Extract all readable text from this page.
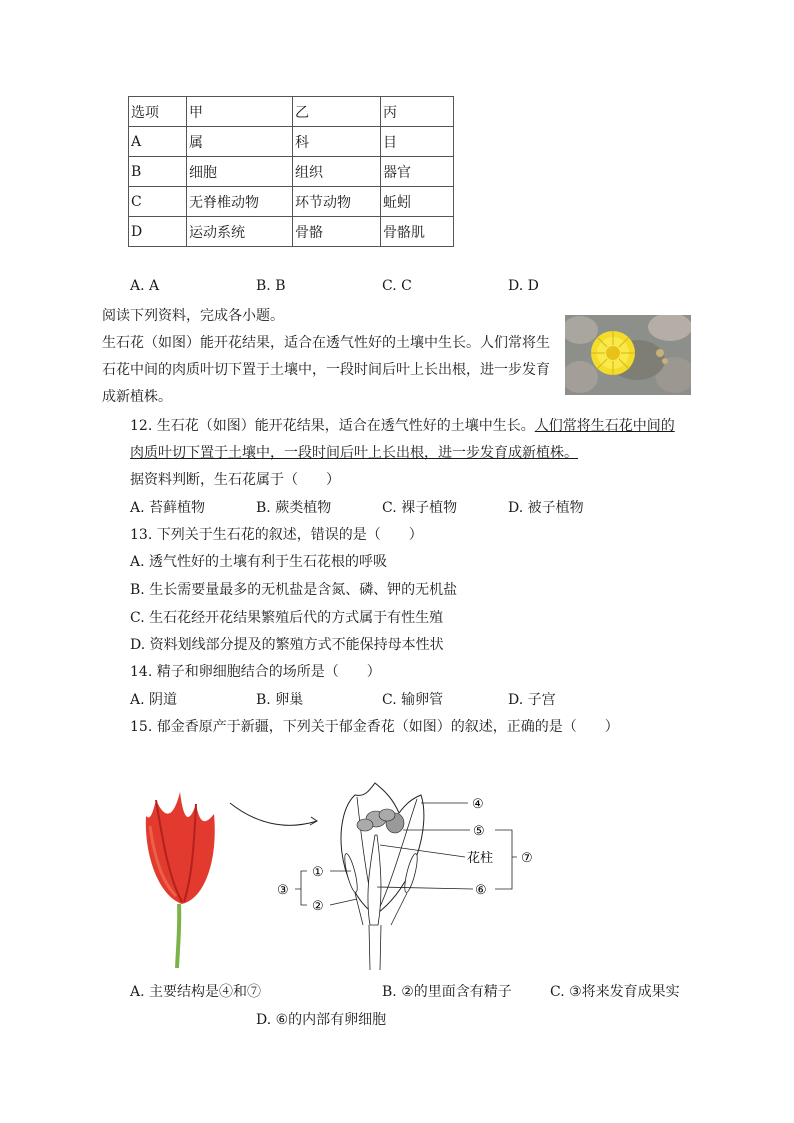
选项	甲	乙	丙
A	属	科	目
B	细胞	组织	器官
C	无脊椎动物	环节动物	蚯蚓
D	运动系统	骨骼	骨骼肌
A. A	B. B	C. C	D. D
阅读下列资料，完成各小题。
生石花（如图）能开花结果，适合在透气性好的土壤中生长。人们常将生
石花中间的肉质叶切下置于土壤中，一段时间后叶上长出根，进一步发育
成新植株。
12. 生石花（如图）能开花结果，适合在透气性好的土壤中生长。人们常将生石花中间的
肉质叶切下置于土壤中，一段时间后叶上长出根，进一步发育成新植株。
据资料判断，生石花属于（　　）
A. 苔藓植物	B. 蕨类植物	C. 裸子植物	D. 被子植物
13. 下列关于生石花的叙述，错误的是（　　）
A. 透气性好的土壤有利于生石花根的呼吸
B. 生长需要量最多的无机盐是含氮、磷、钾的无机盐
C. 生石花经开花结果繁殖后代的方式属于有性生殖
D. 资料划线部分提及的繁殖方式不能保持母本性状
14. 精子和卵细胞结合的场所是（　　）
A. 阴道	B. 卵巢	C. 输卵管	D. 子宫
15. 郁金香原产于新疆，下列关于郁金香花（如图）的叙述，正确的是（　　）
④
⑤
花柱 ⑦
⑥
①
②
③
A. 主要结构是④和⑦	B. ②的里面含有精子	C. ③将来发育成果实
D. ⑥的内部有卵细胞
